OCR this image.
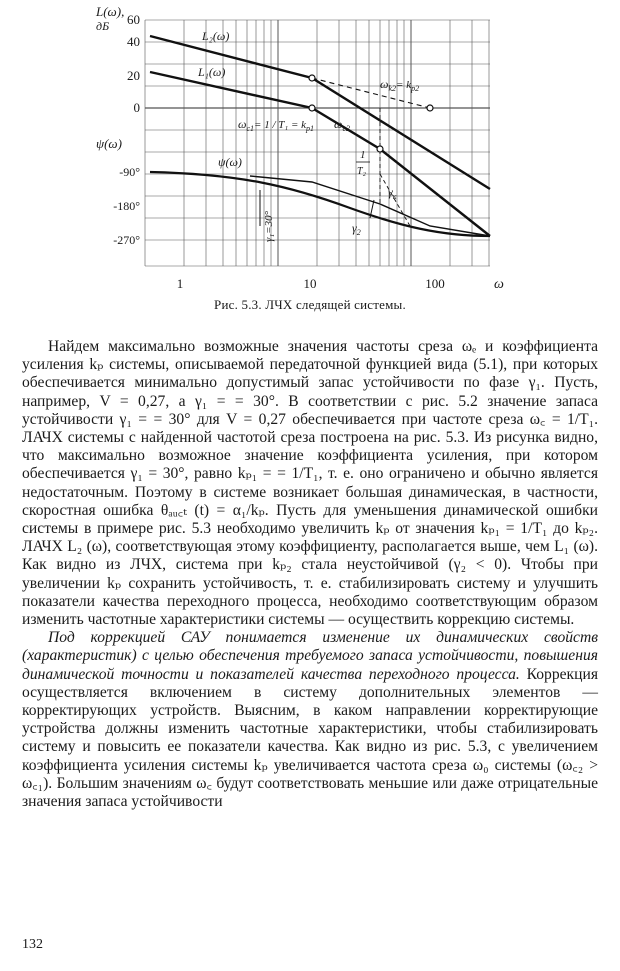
L(ω),
дБ
ψ(ω)
ω
60
40
20
0
-90°
-180°
-270°
1	10	100
L₂(ω)
L₁(ω)
ψ(ω)
$\omega_{c1}= 1 / T_1 = k_{p1}$ $\omega_{c2}$
$\omega_{k2}= k_{p2}$
1
T₂
$\gamma_к$
$\gamma_2$
γ₁=30°
Рис. 5.3. ЛЧХ следящей системы.

Найдем максимально возможные значения частоты среза ωₑ и коэффициента усиления kₚ системы, описываемой передаточной функцией вида (5.1), при которых обеспечивается минимально допустимый запас устойчивости по фазе γ₁. Пусть, например, V = 0,27, а γ₁ = = 30°. В соответствии с рис. 5.2 значение запаса устойчивости γ₁ = = 30° для V = 0,27 обеспечивается при частоте среза ω꜀ = 1/T₁. ЛАЧХ системы с найденной частотой среза построена на рис. 5.3. Из рисунка видно, что максимально возможное значение коэффициента усиления, при котором обеспечивается γ₁ = 30°, равно kₚ₁ = = 1/T₁, т. е. оно ограничено и обычно является недостаточным. Поэтому в системе возникает большая динамическая, в частности, скоростная ошибка θₐᵤ꜀ₜ (t) = α₁/kₚ. Пусть для уменьшения динамической ошибки системы в примере рис. 5.3 необходимо увеличить kₚ от значения kₚ₁ = 1/T₁ до kₚ₂. ЛАЧХ L₂ (ω), соответствующая этому коэффициенту, располагается выше, чем L₁ (ω). Как видно из ЛЧХ, система при kₚ₂ стала неустойчивой (γ₂ < 0). Чтобы при увеличении kₚ сохранить устойчивость, т. е. стабилизировать систему и улучшить показатели качества переходного процесса, необходимо соответствующим образом изменить частотные характеристики системы — осуществить коррекцию системы.

Под коррекцией САУ понимается изменение их динамических свойств (характеристик) с целью обеспечения требуемого запаса устойчивости, повышения динамической точности и показателей качества переходного процесса. Коррекция осуществляется включением в систему дополнительных элементов — корректирующих устройств. Выясним, в каком направлении корректирующие устройства должны изменить частотные характеристики, чтобы стабилизировать систему и повысить ее показатели качества. Как видно из рис. 5.3, с увеличением коэффициента усиления системы kₚ увеличивается частота среза ω₀ системы (ω꜀₂ > ω꜀₁). Большим значениям ω꜀ будут соответствовать меньшие или даже отрицательные значения запаса устойчивости

132
